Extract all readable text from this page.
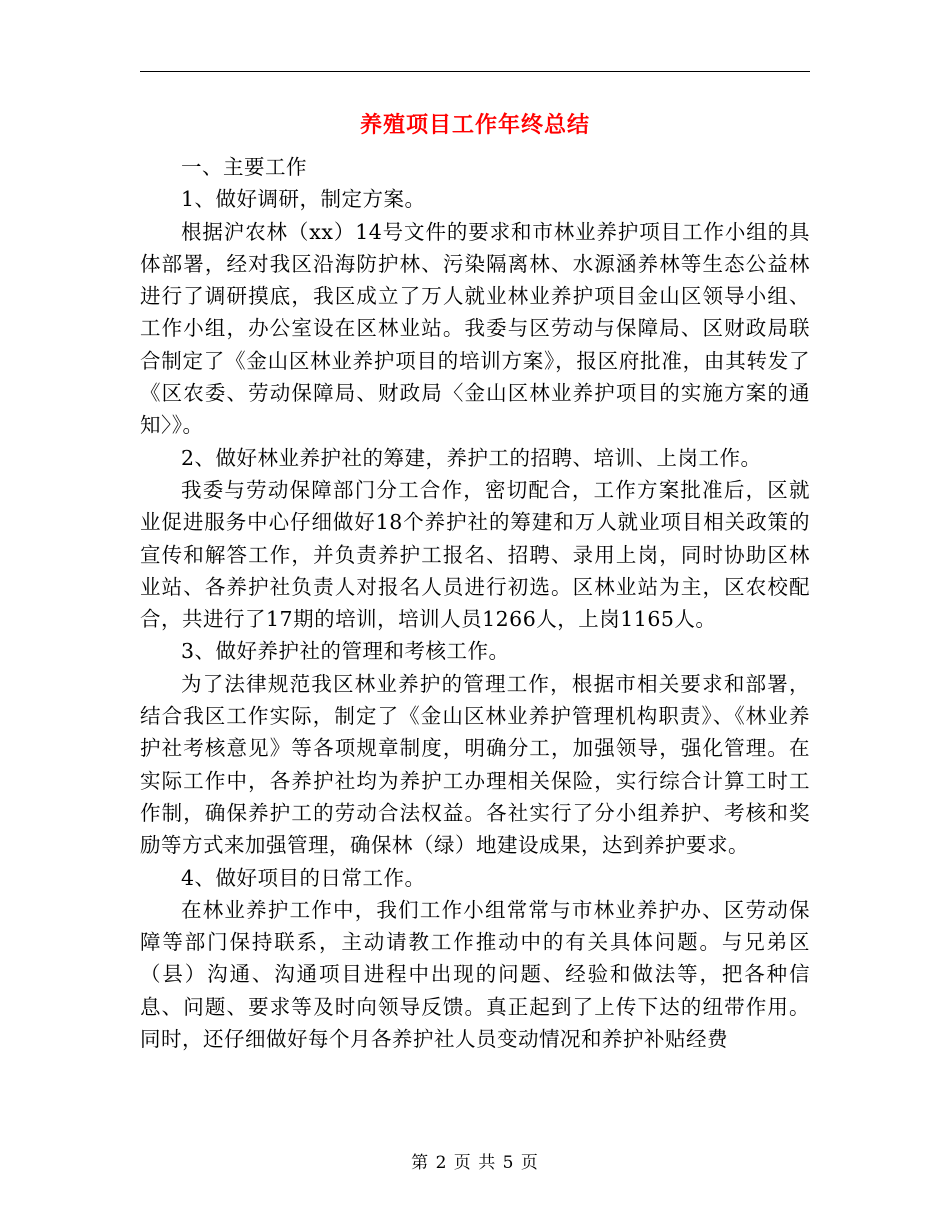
养殖项目工作年终总结

一、主要工作

1、做好调研，制定方案。

根据沪农林（xx）14号文件的要求和市林业养护项目工作小组的具体部署，经对我区沿海防护林、污染隔离林、水源涵养林等生态公益林进行了调研摸底，我区成立了万人就业林业养护项目金山区领导小组、工作小组，办公室设在区林业站。我委与区劳动与保障局、区财政局联合制定了《金山区林业养护项目的培训方案》，报区府批准，由其转发了《区农委、劳动保障局、财政局〈金山区林业养护项目的实施方案的通知〉》。

2、做好林业养护社的筹建，养护工的招聘、培训、上岗工作。

我委与劳动保障部门分工合作，密切配合，工作方案批准后，区就业促进服务中心仔细做好18个养护社的筹建和万人就业项目相关政策的宣传和解答工作，并负责养护工报名、招聘、录用上岗，同时协助区林业站、各养护社负责人对报名人员进行初选。区林业站为主，区农校配合，共进行了17期的培训，培训人员1266人，上岗1165人。

3、做好养护社的管理和考核工作。

为了法律规范我区林业养护的管理工作，根据市相关要求和部署，结合我区工作实际，制定了《金山区林业养护管理机构职责》、《林业养护社考核意见》等各项规章制度，明确分工，加强领导，强化管理。在实际工作中，各养护社均为养护工办理相关保险，实行综合计算工时工作制，确保养护工的劳动合法权益。各社实行了分小组养护、考核和奖励等方式来加强管理，确保林（绿）地建设成果，达到养护要求。

4、做好项目的日常工作。

在林业养护工作中，我们工作小组常常与市林业养护办、区劳动保障等部门保持联系，主动请教工作推动中的有关具体问题。与兄弟区（县）沟通、沟通项目进程中出现的问题、经验和做法等，把各种信息、问题、要求等及时向领导反馈。真正起到了上传下达的纽带作用。同时，还仔细做好每个月各养护社人员变动情况和养护补贴经费

第 2 页 共 5 页
